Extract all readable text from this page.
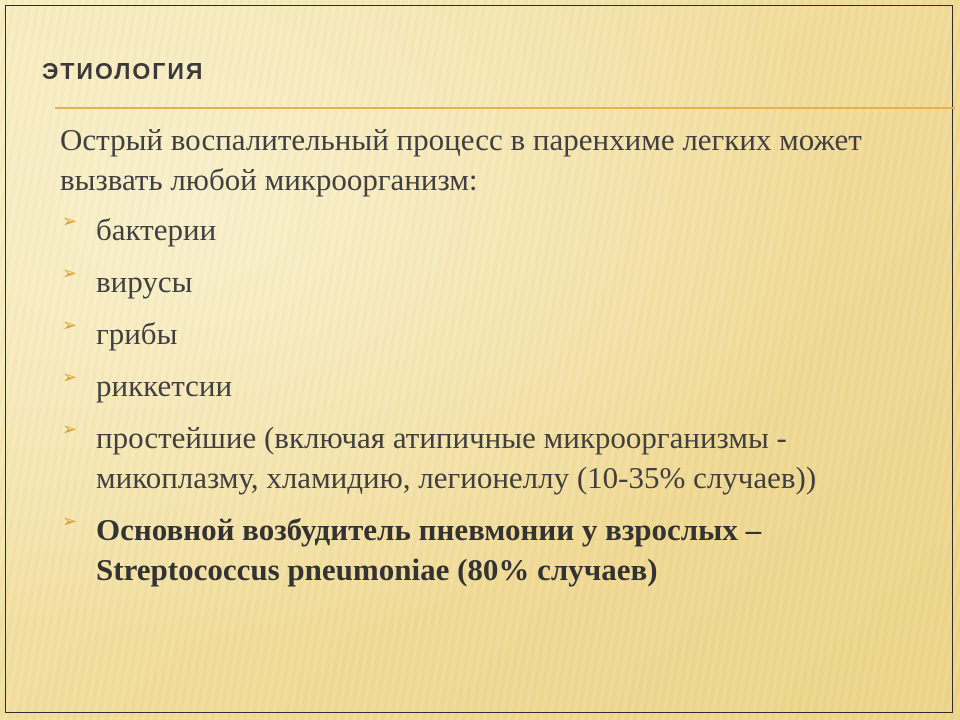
ЭТИОЛОГИЯ

Острый воспалительный процесс в паренхиме легких может вызвать любой микроорганизм:

➢ бактерии
➢ вирусы
➢ грибы
➢ риккетсии
➢ простейшие (включая атипичные микроорганизмы - микоплазму, хламидию, легионеллу (10-35% случаев))
➢ Основной возбудитель пневмонии у взрослых – Streptococcus pneumoniae (80% случаев)
